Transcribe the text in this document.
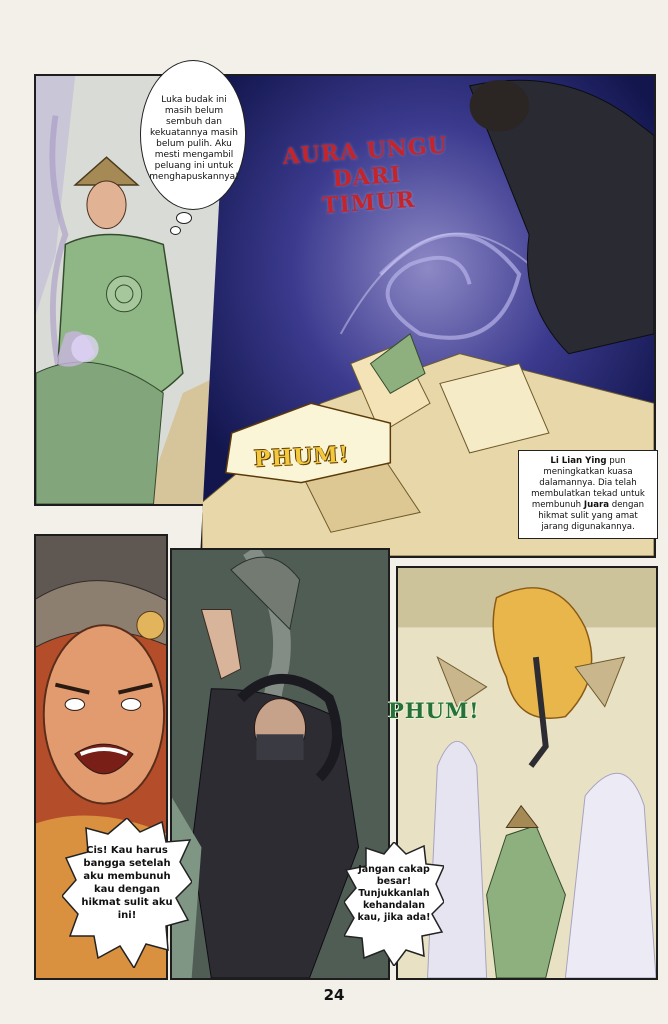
Luka budak ini masih belum sembuh dan kekuatannya masih belum pulih. Aku mesti mengambil peluang ini untuk menghapuskannya!
AURA UNGU DARI TIMUR
PHUM!	Li Lian Ying pun meningkatkan kuasa dalamannya. Dia telah membulatkan tekad untuk membunuh Juara dengan hikmat sulit yang amat jarang digunakannya.
PHUM!
Cis! Kau harus bangga setelah aku membunuh kau dengan hikmat sulit aku ini!
Jangan cakap besar! Tunjukkanlah kehandalan kau, jika ada!
24
